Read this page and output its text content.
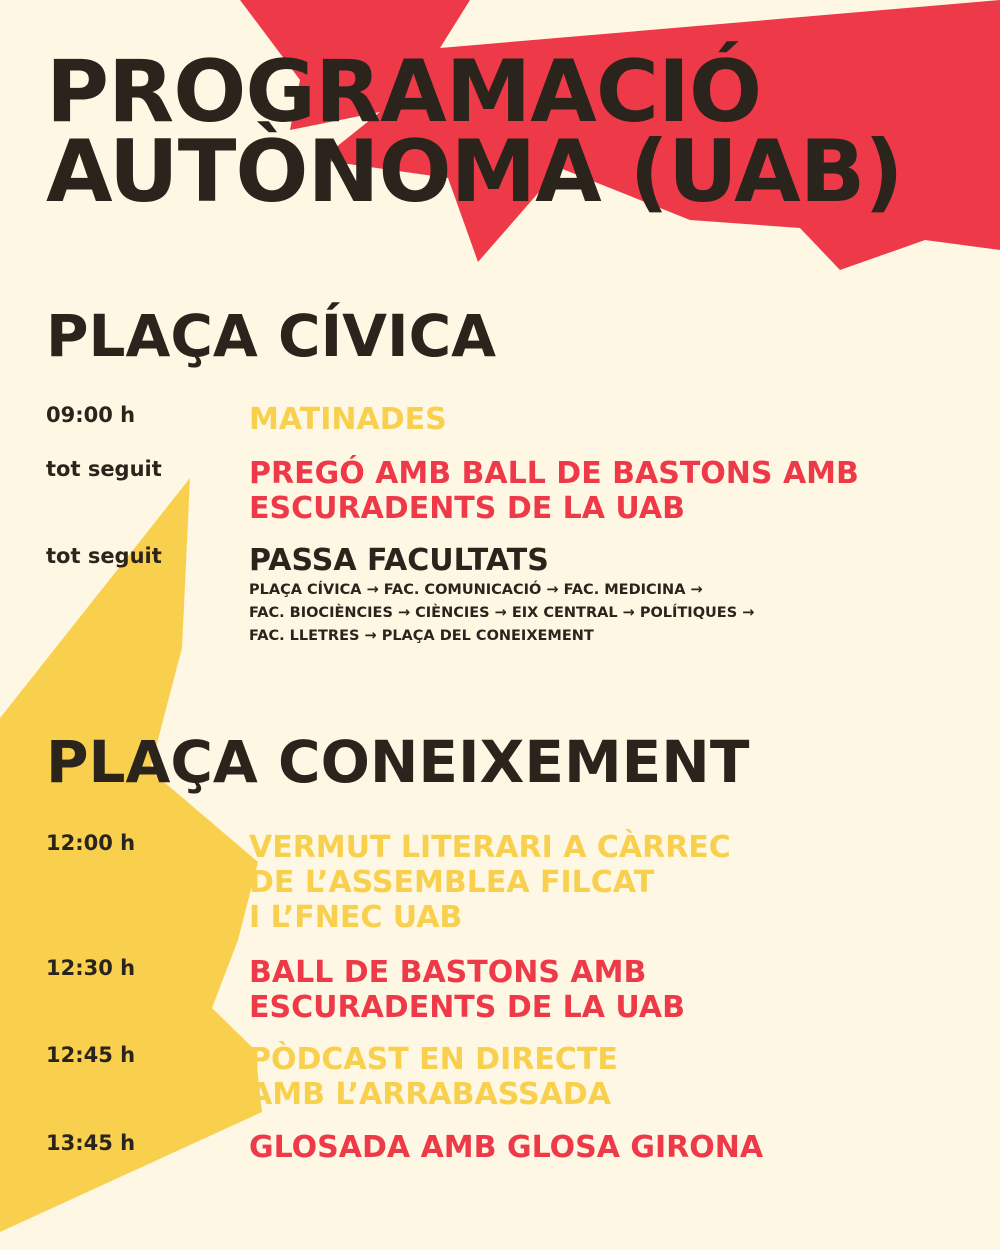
PROGRAMACIÓ
AUTÒNOMA (UAB)
PLAÇA CÍVICA
09:00 h	MATINADES
tot seguit	PREGÓ AMB BALL DE BASTONS AMB
ESCURADENTS DE LA UAB
tot seguit	PASSA FACULTATS
PLAÇA CÍVICA → FAC. COMUNICACIÓ → FAC. MEDICINA →
FAC. BIOCIÈNCIES → CIÈNCIES → EIX CENTRAL → POLÍTIQUES →
FAC. LLETRES → PLAÇA DEL CONEIXEMENT
PLAÇA CONEIXEMENT
12:00 h	VERMUT LITERARI A CÀRREC
DE L’ASSEMBLEA FILCAT
I L’FNEC UAB
12:30 h	BALL DE BASTONS AMB
ESCURADENTS DE LA UAB
12:45 h	PÒDCAST EN DIRECTE
AMB L’ARRABASSADA
13:45 h	GLOSADA AMB GLOSA GIRONA
